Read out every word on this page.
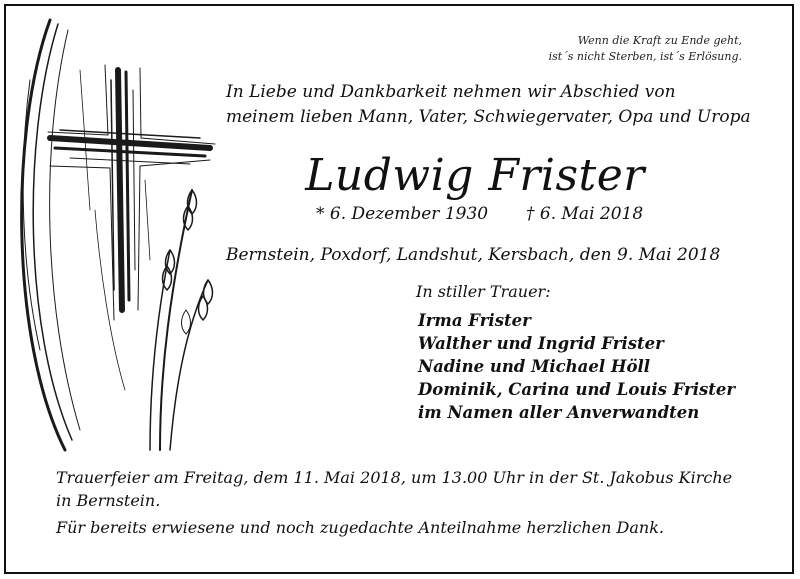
Wenn die Kraft zu Ende geht,
ist´s nicht Sterben, ist´s Erlösung.
In Liebe und Dankbarkeit nehmen wir Abschied von
meinem lieben Mann, Vater, Schwiegervater, Opa und Uropa
Ludwig Frister
* 6. Dezember 1930 † 6. Mai 2018
Bernstein, Poxdorf, Landshut, Kersbach, den 9. Mai 2018
In stiller Trauer:
Irma Frister
Walther und Ingrid Frister
Nadine und Michael Höll
Dominik, Carina und Louis Frister
im Namen aller Anverwandten
Trauerfeier am Freitag, dem 11. Mai 2018, um 13.00 Uhr in der St. Jakobus Kirche
in Bernstein.
Für bereits erwiesene und noch zugedachte Anteilnahme herzlichen Dank.
